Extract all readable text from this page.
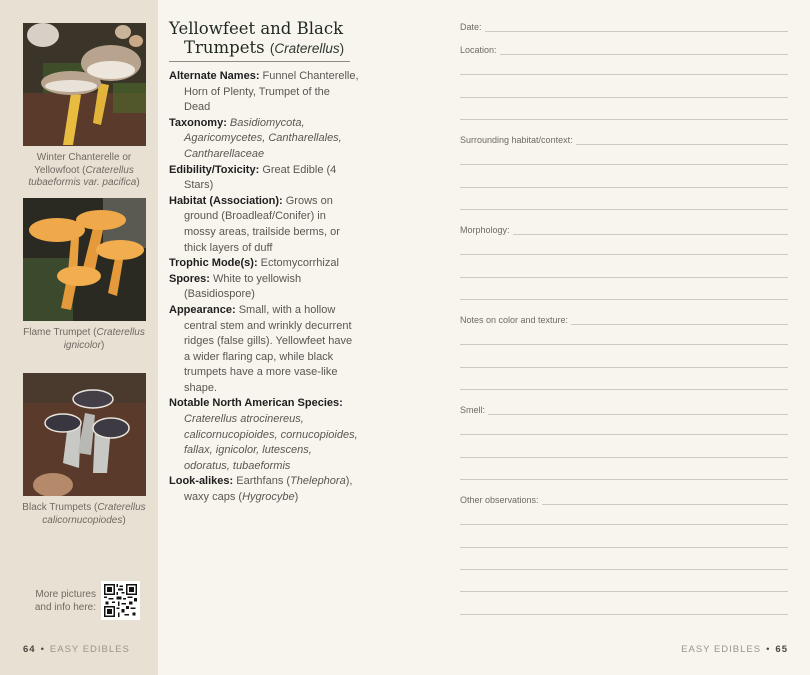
Winter Chanterelle or Yellowfoot (Craterellus tubaeformis var. pacifica)
Flame Trumpet (Craterellus ignicolor)
Black Trumpets (Craterellus calicornucopiodes)
More pictures and info here:
64 • EASY EDIBLES
Yellowfeet and Black
Trumpets (Craterellus)
Alternate Names: Funnel Chanterelle, Horn of Plenty, Trumpet of the Dead
Taxonomy: Basidiomycota, Agaricomycetes, Cantharellales, Cantharellaceae
Edibility/Toxicity: Great Edible (4 Stars)
Habitat (Association): Grows on ground (Broadleaf/Conifer) in mossy areas, trailside berms, or thick layers of duff
Trophic Mode(s): Ectomycorrhizal
Spores: White to yellowish (Basidiospore)
Appearance: Small, with a hollow central stem and wrinkly decurrent ridges (false gills). Yellowfeet have a wider flaring cap, while black trumpets have a more vase-like shape.
Notable North American Species: Craterellus atrocinereus, calicornucopioides, cornucopioides, fallax, ignicolor, lutescens, odoratus, tubaeformis
Look-alikes: Earthfans (Thelephora), waxy caps (Hygrocybe)
Date:
Location:
Surrounding habitat/context:
Morphology:
Notes on color and texture:
Smell:
Other observations:
EASY EDIBLES • 65
